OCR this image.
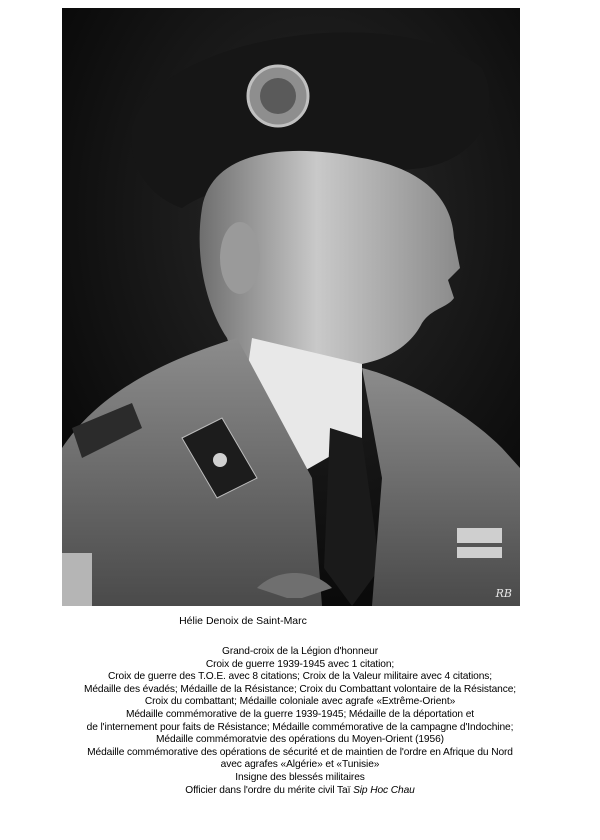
RB
Hélie Denoix de Saint-Marc
Grand-croix de la Légion d'honneur
Croix de guerre 1939-1945 avec 1 citation;
Croix de guerre des T.O.E. avec 8 citations; Croix de la Valeur militaire avec 4 citations;
Médaille des évadés; Médaille de la Résistance; Croix du Combattant volontaire de la Résistance;
Croix du combattant; Médaille coloniale avec agrafe «Extrême-Orient»
Médaille commémorative de la guerre 1939-1945; Médaille de la déportation et
de l'internement pour faits de Résistance; Médaille commémorative de la campagne d'Indochine;
Médaille commémoratvie des opérations du Moyen-Orient (1956)
Médaille commémorative des opérations de sécurité et de maintien de l'ordre en Afrique du Nord
avec agrafes «Algérie» et «Tunisie»
Insigne des blessés militaires
Officier dans l'ordre du mérite civil Taï Sip Hoc Chau
